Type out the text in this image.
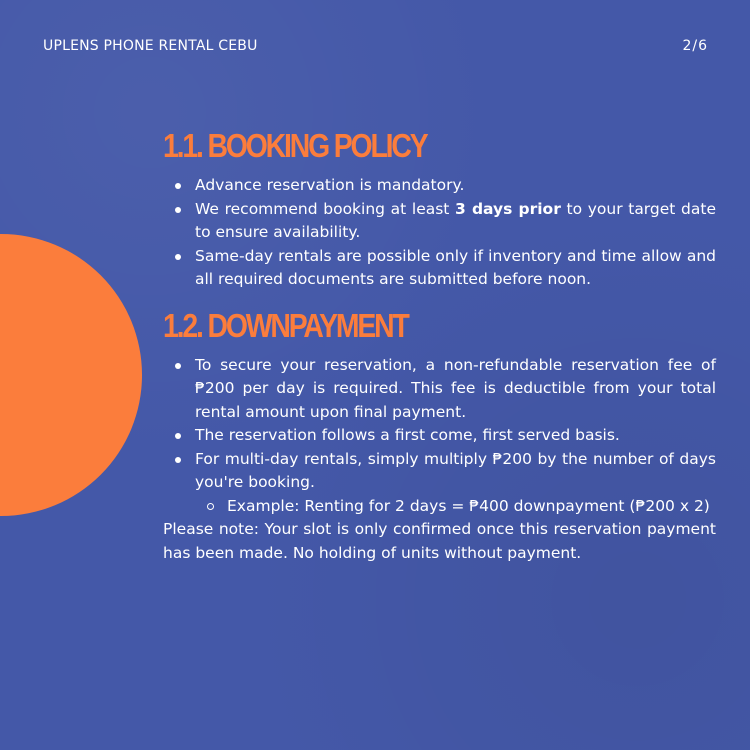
UPLENS PHONE RENTAL CEBU	2/6
1.1. BOOKING POLICY
Advance reservation is mandatory.
We recommend booking at least 3 days prior to your target date to ensure availability.
Same-day rentals are possible only if inventory and time allow and all required documents are submitted before noon.
1.2. DOWNPAYMENT
To secure your reservation, a non-refundable reservation fee of ₱200 per day is required. This fee is deductible from your total rental amount upon final payment.
The reservation follows a first come, first served basis.
For multi-day rentals, simply multiply ₱200 by the number of days you're booking.
Example: Renting for 2 days = ₱400 downpayment (₱200 x 2)

Please note: Your slot is only confirmed once this reservation payment has been made. No holding of units without payment.
